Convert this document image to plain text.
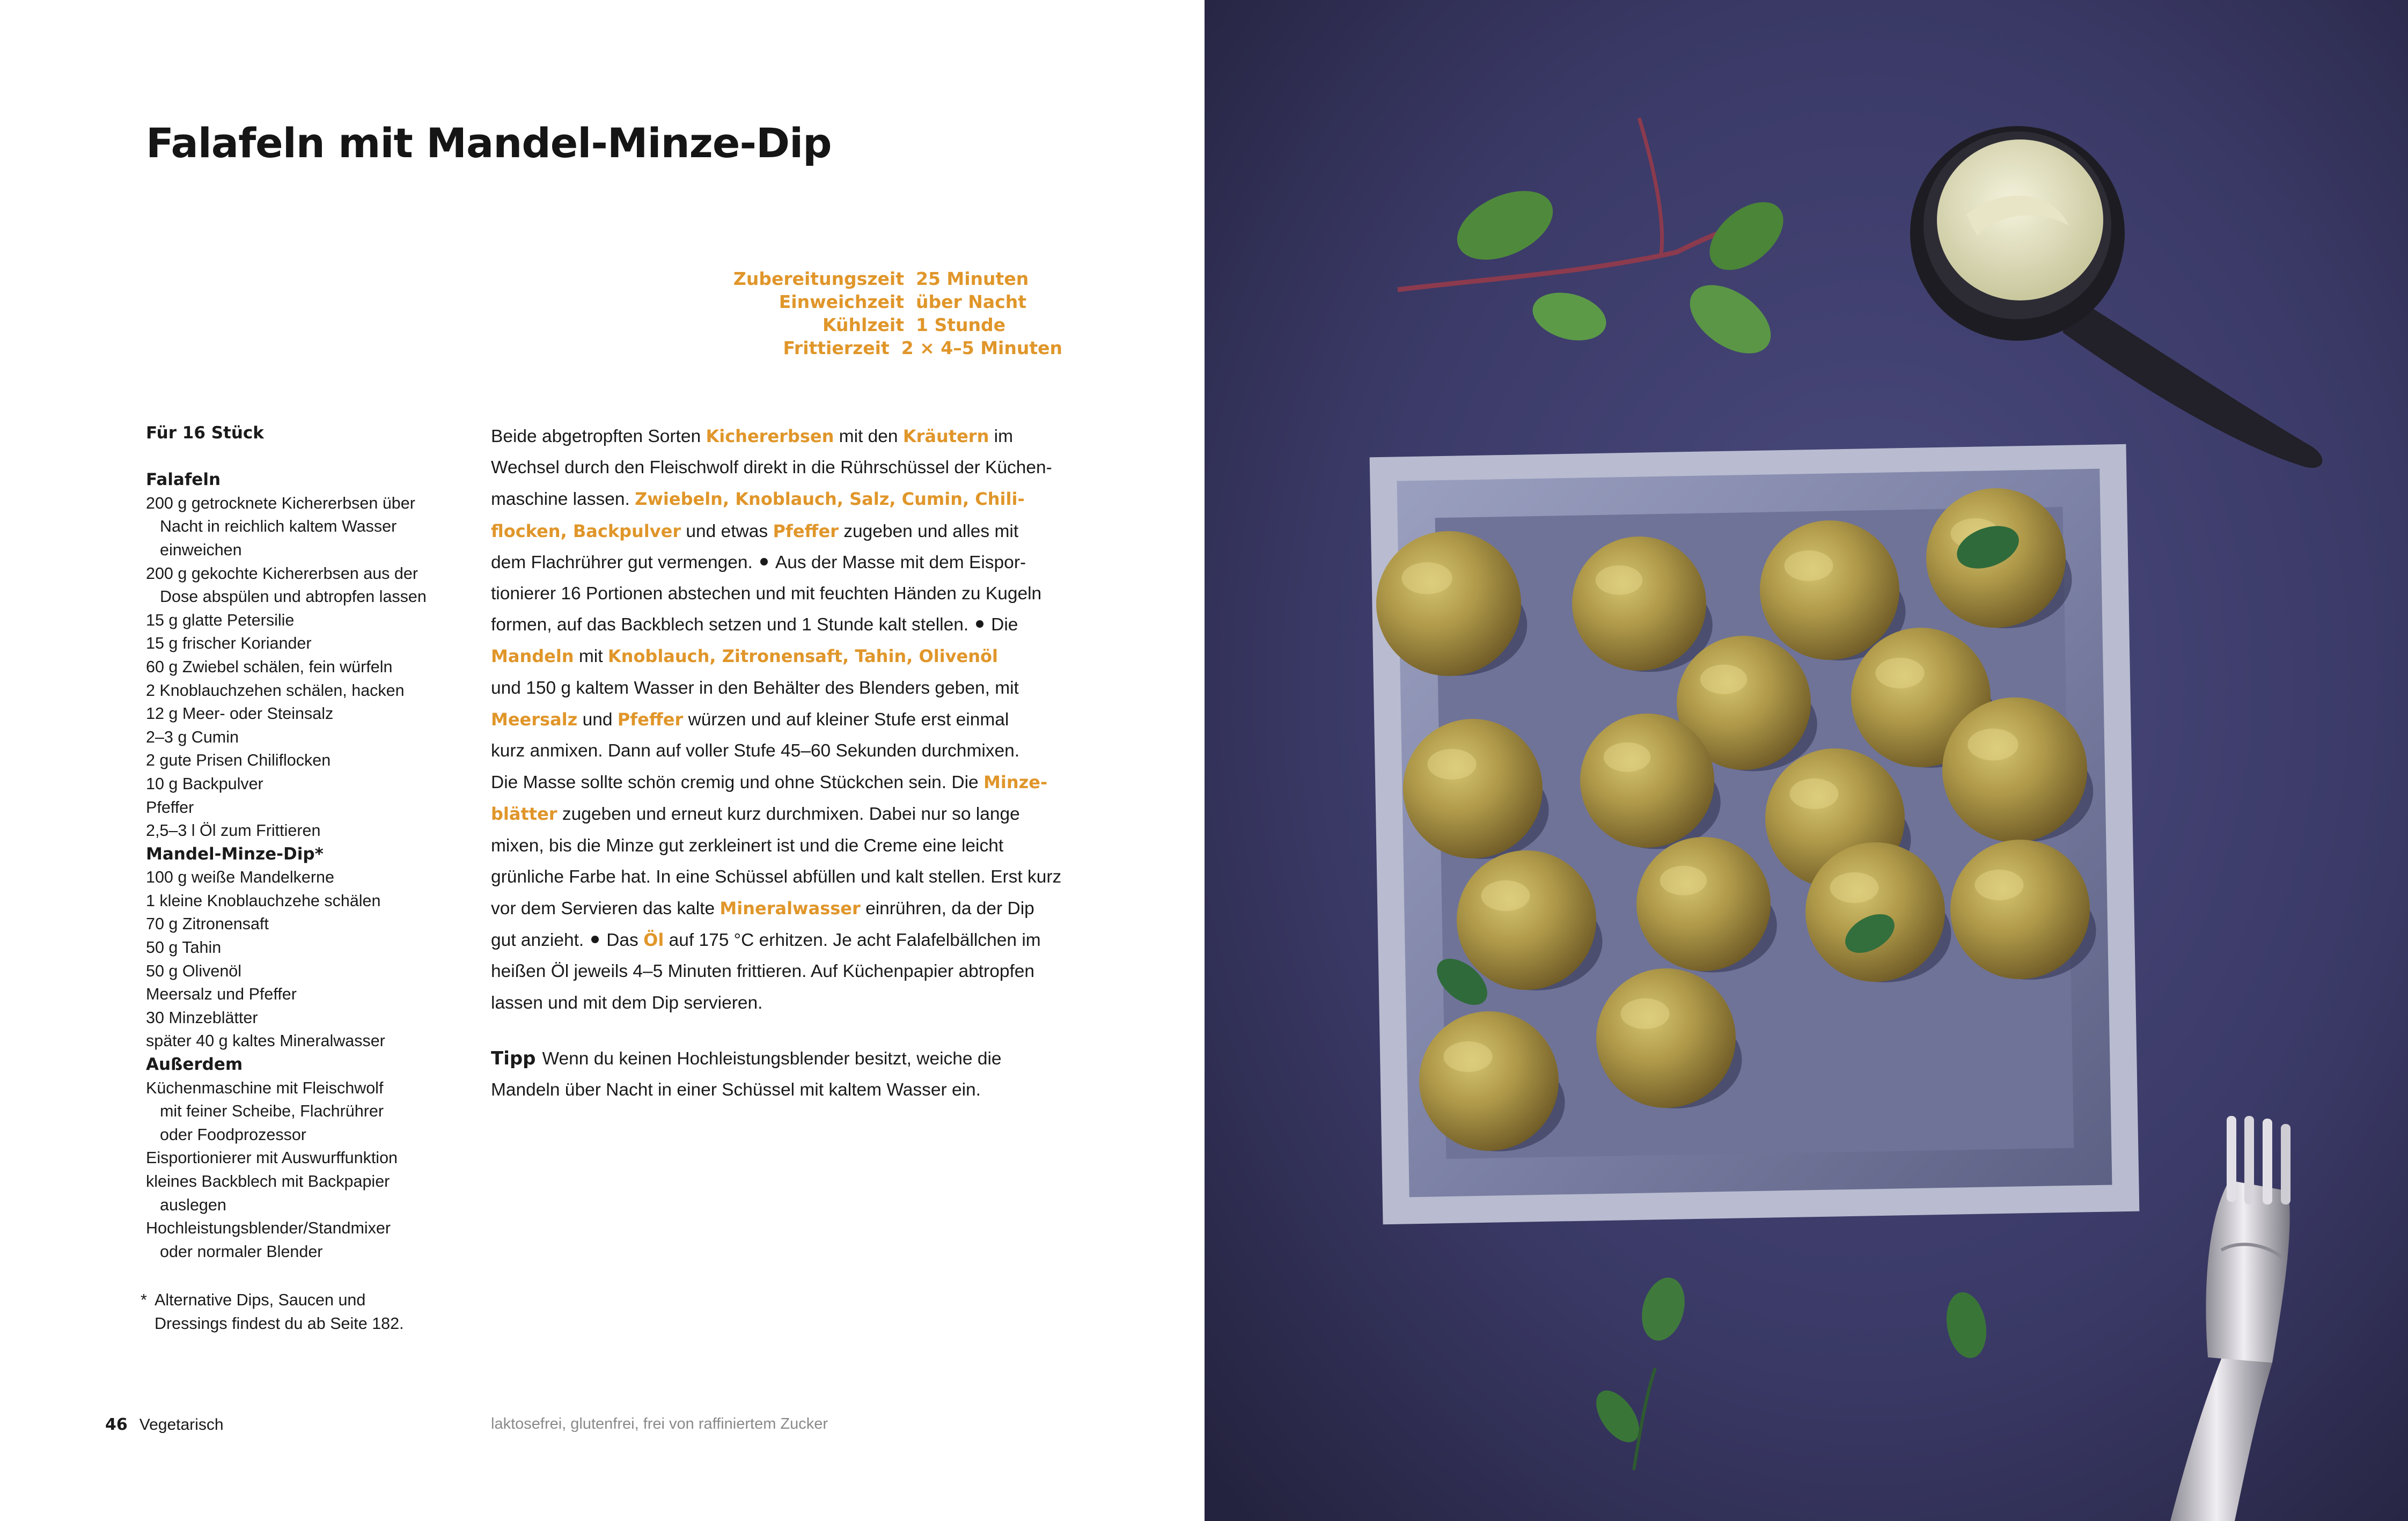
Falafeln mit Mandel-Minze-Dip
Zubereitungszeit 25 Minuten
Einweichzeit über Nacht
Kühlzeit 1 Stunde
Frittierzeit 2 × 4–5 Minuten
Für 16 Stück
Falafeln
200 g getrocknete Kichererbsen über
Nacht in reichlich kaltem Wasser
einweichen
200 g gekochte Kichererbsen aus der
Dose abspülen und abtropfen lassen
15 g glatte Petersilie
15 g frischer Koriander
60 g Zwiebel schälen, fein würfeln
2 Knoblauchzehen schälen, hacken
12 g Meer- oder Steinsalz
2–3 g Cumin
2 gute Prisen Chiliflocken
10 g Backpulver
Pfeffer
2,5–3 l Öl zum Frittieren
Mandel-Minze-Dip*
100 g weiße Mandelkerne
1 kleine Knoblauchzehe schälen
70 g Zitronensaft
50 g Tahin
50 g Olivenöl
Meersalz und Pfeffer
30 Minzeblätter
später 40 g kaltes Mineralwasser
Außerdem
Küchenmaschine mit Fleischwolf
mit feiner Scheibe, Flachrührer
oder Foodprozessor
Eisportionierer mit Auswurffunktion
kleines Backblech mit Backpapier
auslegen
Hochleistungsblender/Standmixer
oder normaler Blender
* Alternative Dips, Saucen und
Dressings findest du ab Seite 182.
Beide abgetropften Sorten Kichererbsen mit den Kräutern im
Wechsel durch den Fleischwolf direkt in die Rührschüssel der Küchen-
maschine lassen. Zwiebeln, Knoblauch, Salz, Cumin, Chili-
flocken, Backpulver und etwas Pfeffer zugeben und alles mit
dem Flachrührer gut vermengen. Aus der Masse mit dem Eispor-
tionierer 16 Portionen abstechen und mit feuchten Händen zu Kugeln
formen, auf das Backblech setzen und 1 Stunde kalt stellen. Die
Mandeln mit Knoblauch, Zitronensaft, Tahin, Olivenöl
und 150 g kaltem Wasser in den Behälter des Blenders geben, mit
Meersalz und Pfeffer würzen und auf kleiner Stufe erst einmal
kurz anmixen. Dann auf voller Stufe 45–60 Sekunden durchmixen.
Die Masse sollte schön cremig und ohne Stückchen sein. Die Minze-
blätter zugeben und erneut kurz durchmixen. Dabei nur so lange
mixen, bis die Minze gut zerkleinert ist und die Creme eine leicht
grünliche Farbe hat. In eine Schüssel abfüllen und kalt stellen. Erst kurz
vor dem Servieren das kalte Mineralwasser einrühren, da der Dip
gut anzieht. Das Öl auf 175 °C erhitzen. Je acht Falafelbällchen im
heißen Öl jeweils 4–5 Minuten frittieren. Auf Küchenpapier abtropfen
lassen und mit dem Dip servieren.
Tipp Wenn du keinen Hochleistungsblender besitzt, weiche die
Mandeln über Nacht in einer Schüssel mit kaltem Wasser ein.
46 Vegetarisch	laktosefrei, glutenfrei, frei von raffiniertem Zucker
